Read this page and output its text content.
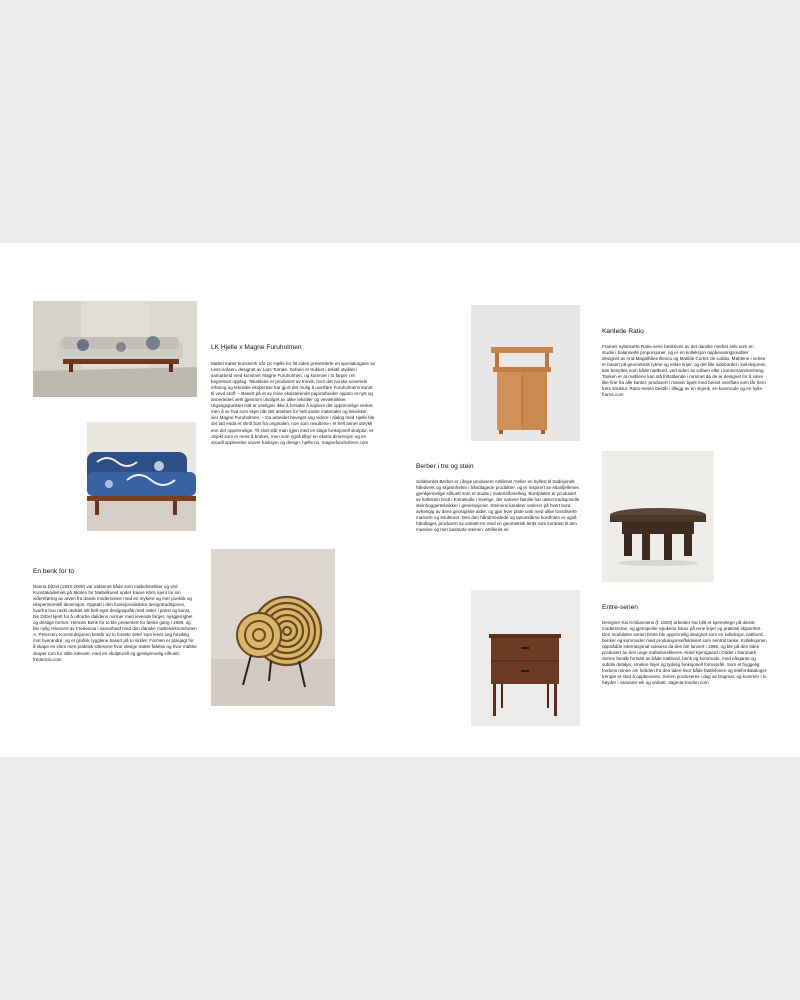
LK Hjelle x Magne Furuholmen

Møbel møter kunstverk når LK Hjelle for litt siden presenterte en spesialutgave av Less-sofaen, designet av Lars Tornøe. Sofaen er trukket i tekstil utviklet i samarbeid med kunstner Magne Furuholmen, og kommer i to farger i et begrenset opplag. Tekstilene er produsert av Innvik, hvor det norske veveriets erfaring og tekniske ekspertise har gjort det mulig å overføre Furuholmens kunst til vevd stoff. – Basert på et av mine eksisterende papirarbeider oppsto et nytt og annerledes verk gjennom utvalget av ulike tekstiler og vevteknikker. Utgangspunktet mitt er vanligvis ikke å forsøke å kopiere det opprinnelige verket, men å se hva som skjer når det utsettes for helt andre materialer og teknikker, sier Magne Furuholmen. – Da arbeidet beveget seg videre i dialog med Hjelle ble det tatt enda et skritt bort fra originalen, noe som resulterte i et helt annet uttrykk enn det opprinnelige. Til slutt står man igjen med en slags funksjonell skulptur, et objekt som er ment å brukes, men som også tilbyr en ekstra dimensjon og en visuell opplevelse utover funksjon og design. hjelle.no, magnefuruholmen.com

En benk for to

Nanna Ditzel (1923-2005) var utdannet både som møbelsnekker og ved Kunstakademiet på Skolen for Møbelkunst under Kaare Klint, kjent for sin videreføring av arven fra dansk modernisme med en mykere og mer poetisk og eksperimentell dimensjon. Opptatt i den funksjonalistiske designtradisjonen, hvorfra hun raskt utviklet sitt helt eget designspråk med røtter i poesi og kunst, ble Ditzel kjent for å utfordre dalidens normer med levende farger, nysgjerrighet og dristige former. Hennes Benk for to ble presentert for første gang i 1989, og ble nylig relansert av Fredericia i samarbeid med den danske møbelvirksomheten A. Petersen. Konstruksjonen består av to forsete seter som lener seg forsiktig mot hverandre, og et grafisk rygglene basert på to sirkler. Formen er plasjagt for å skape en intim men praktisk sittesone hvor design møter følelse og hvor møbler skaper rom for stille nærvær, med en skulpturell og gjenkjennelig silhuett. fredericia.com

Kantede Ratio

Frames nylanserte Ratio-serie beskrives av det danske merket selv som en studie i balanserte proporsjoner, og er en kolleksjon oppbevaringsmøbler designet av Ana Magalhães Illescu og Matilde Cortez de Lobão. Møblene i serien er basert på geometrisk rytme og enkle linjer, og det lille sidebordet i kolleksjonen kan benyttes som både nattbord, ved siden av sofaen eller i kontorsammenheng. Tanken er at møblene kan stå frittstående i rommet da de er designet for å være like fine fra alle kanter, produsert i massiv bjørk med beiset overflate som får frem trets struktur. Ratio-serien består i tillegg av en skjenk, en kommode og en hylle. frama.com

Berber i tre og stein

Sofabordet Berber er i årige produsent Artilleriet Atelier en hyllest til tradisjonelt håndverk og skjønnheten i håndlagede produkter, og er inspirert av Atlasfjellenes gjenkjennelige silhuett som et studie i materialfortelling. Bordplaten er produsert av kalkstein brutt i Kinnekulle i Sverige, der samme familie har utøvd tradisjonelle steinhoggerteknikker i generasjoner. Steinens karakter varierer på hvert bord avhengig av dens geologiske alder, og gjør hver plate unik med ulike fossiliserte mønstre og strukturer. Den den håndmeislede og tanneklåme bordfoten er også håndlaget, produsert av valnøtt-tre med en geometrisk lenkt som kontrast til den massive og mer bastante steinen. artilleriet.se

Entre-serien

Designer Kai Kristiansens (f. 1929) arbeider har blitt et kjennetegn på dansk modernisme, og gjenspeiler epokens fokus på rene linjer og praktisk skjønnhet. Den modulære serien Entre ble opprinnelig designet som en kolleksjon nattbord, benker og kommoder med produksjonseffektivitet som sentral tanke. Kolleksjonen oppnådde internasjonal suksess da den ble lansert i 1966, og ble på den tiden produsert av den unge møbelsnekkeren Aksel Kjersgaard i Odder i Danmark. Serien består fortsatt av både nattbord, benk og kommode, med elegante og subtile detaljer, smekre linjer og tydelig funksjonell formspråk. Som et hyggelig forduns minne om fortiden fra den tiden hvor både fastlefonen og telefonkataloger trengte et sted å oppbevares. Serien produseres i dag av Dagmar, og kommer i to høyder i varianter eik og valnøtt. dagmar-london.com
